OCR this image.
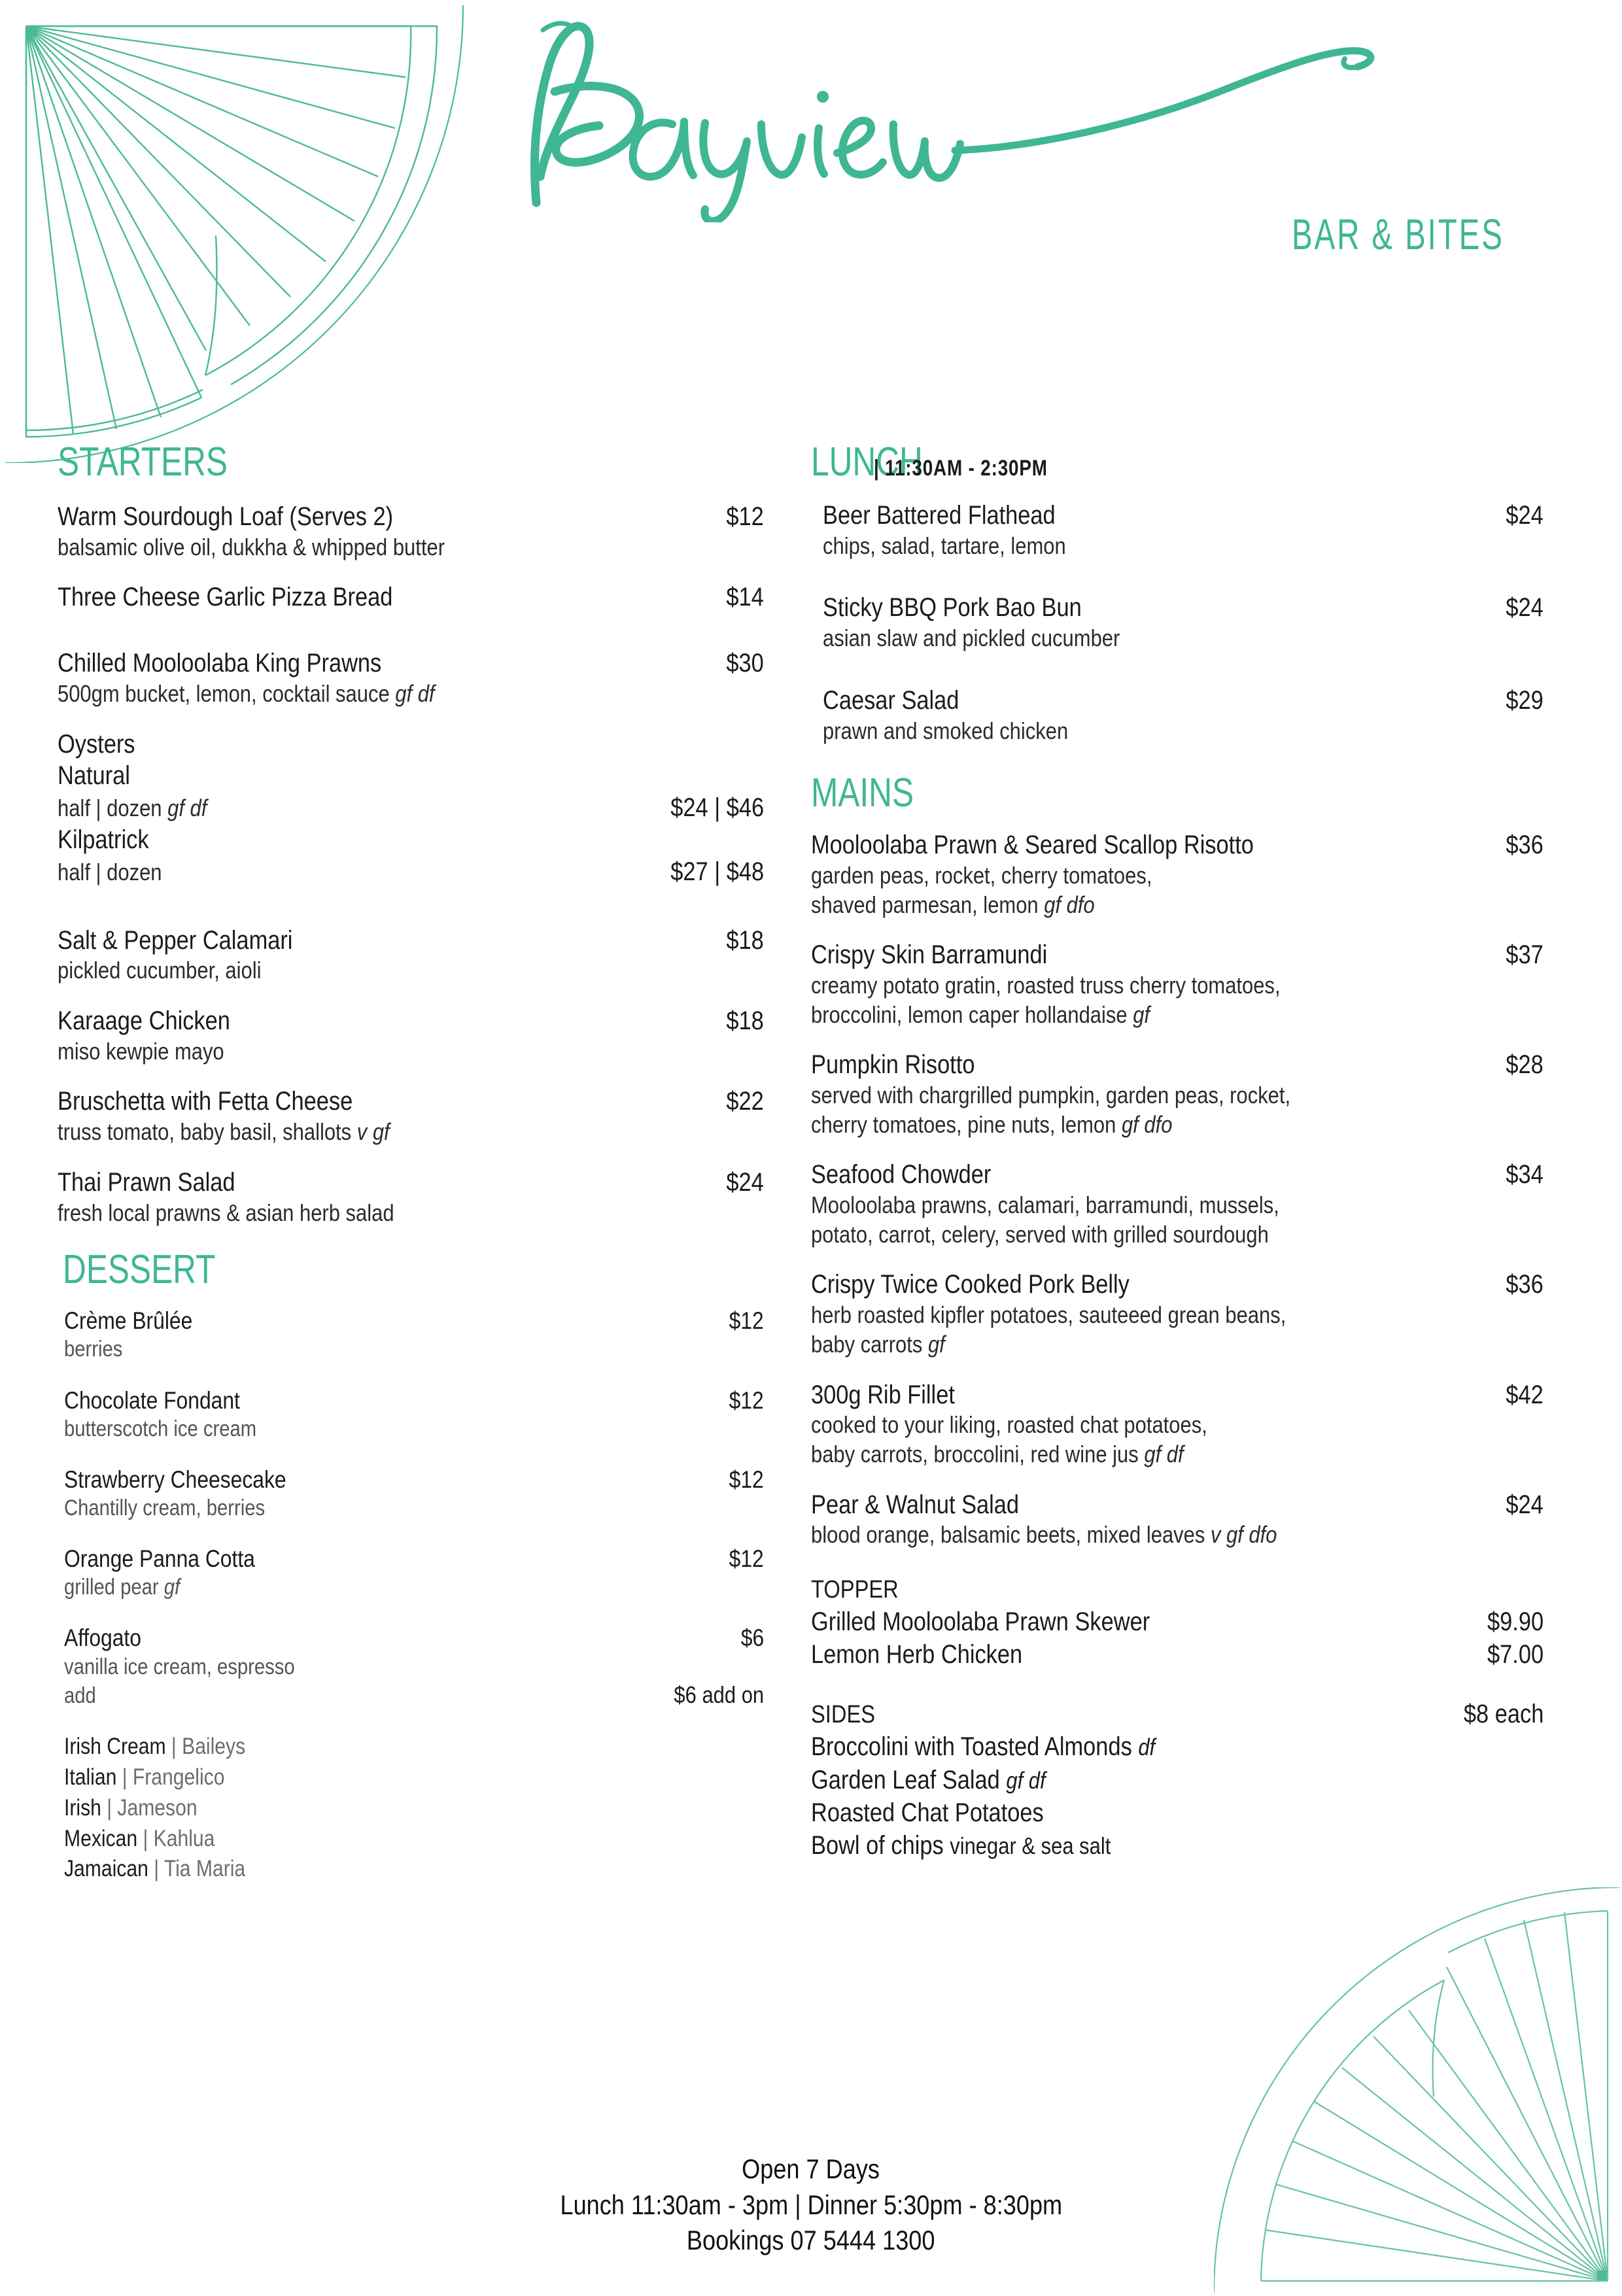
BAR & BITES
STARTERS
Warm Sourdough Loaf (Serves 2)	$12
balsamic olive oil, dukkha & whipped butter
Three Cheese Garlic Pizza Bread	$14
Chilled Mooloolaba King Prawns	$30
500gm bucket, lemon, cocktail sauce gf df
Oysters
Natural
half | dozen gf df	$24 | $46
Kilpatrick
half | dozen	$27 | $48
Salt & Pepper Calamari	$18
pickled cucumber, aioli
Karaage Chicken	$18
miso kewpie mayo
Bruschetta with Fetta Cheese	$22
truss tomato, baby basil, shallots v gf
Thai Prawn Salad	$24
fresh local prawns & asian herb salad
DESSERT
Crème Brûlée	$12
berries
Chocolate Fondant	$12
butterscotch ice cream
Strawberry Cheesecake	$12
Chantilly cream, berries
Orange Panna Cotta	$12
grilled pear gf
Affogato	$6
vanilla ice cream, espresso
add	$6 add on
Irish Cream | Baileys
Italian | Frangelico
Irish | Jameson
Mexican | Kahlua
Jamaican | Tia Maria
LUNCH
| 11:30AM - 2:30PM
Beer Battered Flathead	$24
chips, salad, tartare, lemon
Sticky BBQ Pork Bao Bun	$24
asian slaw and pickled cucumber
Caesar Salad	$29
prawn and smoked chicken
MAINS
Mooloolaba Prawn & Seared Scallop Risotto	$36
garden peas, rocket, cherry tomatoes,
shaved parmesan, lemon gf dfo
Crispy Skin Barramundi	$37
creamy potato gratin, roasted truss cherry tomatoes,
broccolini, lemon caper hollandaise gf
Pumpkin Risotto	$28
served with chargrilled pumpkin, garden peas, rocket,
cherry tomatoes, pine nuts, lemon gf dfo
Seafood Chowder	$34
Mooloolaba prawns, calamari, barramundi, mussels,
potato, carrot, celery, served with grilled sourdough
Crispy Twice Cooked Pork Belly	$36
herb roasted kipfler potatoes, sauteeed grean beans,
baby carrots gf
300g Rib Fillet	$42
cooked to your liking, roasted chat potatoes,
baby carrots, broccolini, red wine jus gf df
Pear & Walnut Salad	$24
blood orange, balsamic beets, mixed leaves v gf dfo
TOPPER
Grilled Mooloolaba Prawn Skewer	$9.90
Lemon Herb Chicken	$7.00
SIDES	$8 each
Broccolini with Toasted Almonds df
Garden Leaf Salad gf df
Roasted Chat Potatoes
Bowl of chips vinegar & sea salt
Open 7 Days
Lunch 11:30am - 3pm | Dinner 5:30pm - 8:30pm
Bookings 07 5444 1300
